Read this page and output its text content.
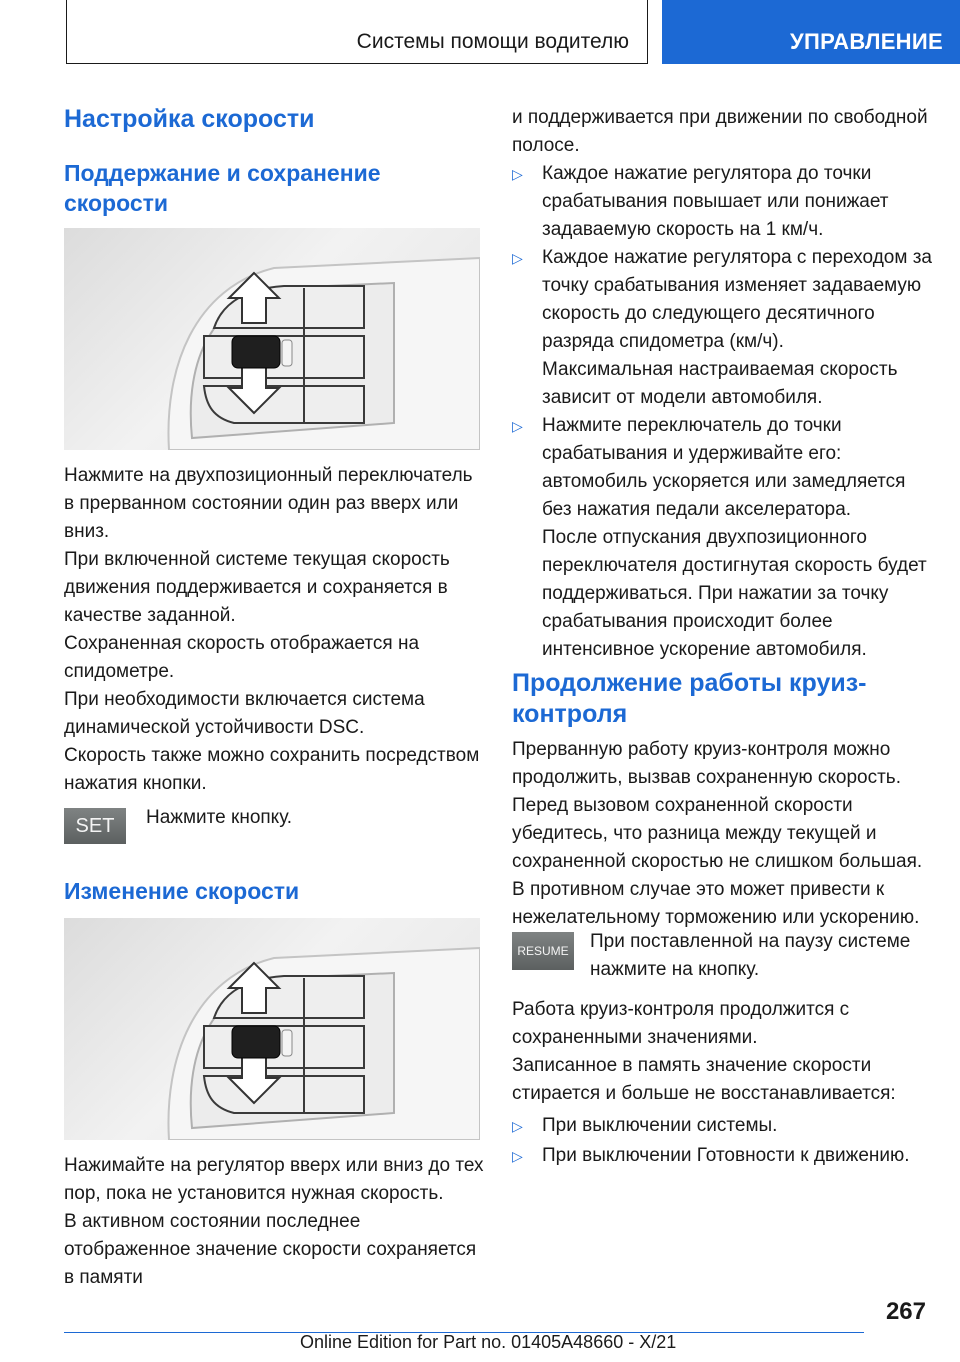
Системы помощи водителю	УПРАВЛЕНИЕ
Настройка скорости
Поддержание и сохранение скорости

Нажмите на двухпозиционный переключатель в прерванном состоянии один раз вверх или вниз.

При включенной системе текущая скорость движения поддерживается и сохраняется в качестве заданной.

Сохраненная скорость отображается на спидометре.

При необходимости включается система динамической устойчивости DSC.

Скорость также можно сохранить посредством нажатия кнопки.

SET	Нажмите кнопку.

Изменение скорости

Нажимайте на регулятор вверх или вниз до тех пор, пока не установится нужная скорость.

В активном состоянии последнее отображенное значение скорости сохраняется в памяти

и поддерживается при движении по свободной полосе.

▷ Каждое нажатие регулятора до точки срабатывания повышает или понижает задаваемую скорость на 1 км/ч.
▷ Каждое нажатие регулятора с переходом за точку срабатывания изменяет задаваемую скорость до следующего десятичного разряда спидометра (км/ч).

Максимальная настраиваемая скорость зависит от модели автомобиля.

▷ Нажмите переключатель до точки срабатывания и удерживайте его: автомобиль ускоряется или замедляется без нажатия педали акселератора.

После отпускания двухпозиционного переключателя достигнутая скорость будет поддерживаться. При нажатии за точку срабатывания происходит более интенсивное ускорение автомобиля.

Продолжение работы круиз-контроля

Прерванную работу круиз-контроля можно продолжить, вызвав сохраненную скорость.

Перед вызовом сохраненной скорости убедитесь, что разница между текущей и сохраненной скоростью не слишком большая. В противном случае это может привести к нежелательному торможению или ускорению.

RESUME При поставленной на паузу системе нажмите на кнопку.

Работа круиз-контроля продолжится с сохраненными значениями.

Записанное в память значение скорости стирается и больше не восстанавливается:

▷ При выключении системы.
▷ При выключении Готовности к движению.
267
Online Edition for Part no. 01405A48660 - X/21
